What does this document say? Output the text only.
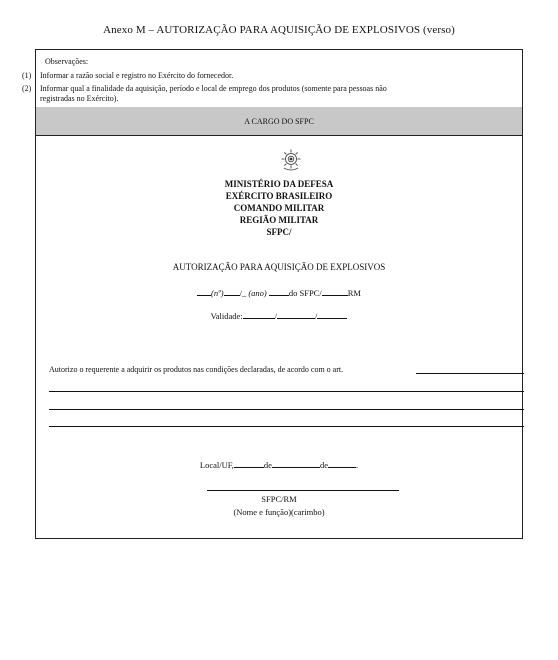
Anexo M – AUTORIZAÇÃO PARA AQUISIÇÃO DE EXPLOSIVOS (verso)
Observações:
A CARGO DO SFPC
MINISTÉRIO DA DEFESA
EXÉRCITO BRASILEIRO
COMANDO MILITAR
REGIÃO MILITAR
SFPC/
AUTORIZAÇÃO PARA AQUISIÇÃO DE EXPLOSIVOS
(nº) /_ (ano)	do SFPC/	RM
Validade:	/	/
Autorizo o requerente a adquirir os produtos nas condições declaradas, de acordo com o art.
Local/UF,	de	de	.
SFPC/RM
(Nome e função)(carimbo)
(1) Informar a razão social e registro no Exército do fornecedor.
(2) Informar qual a finalidade da aquisição, período e local de emprego dos produtos (somente para pessoas não
registradas no Exército).
